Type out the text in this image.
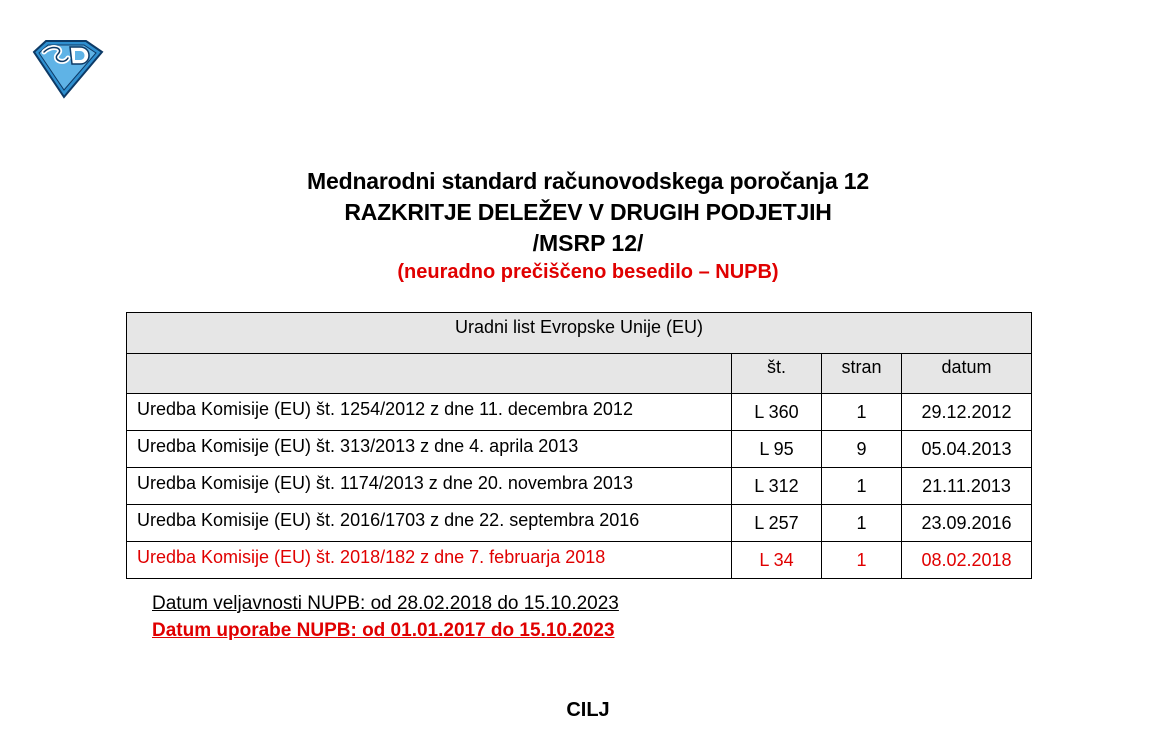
Mednarodni standard računovodskega poročanja 12
RAZKRITJE DELEŽEV V DRUGIH PODJETJIH
/MSRP 12/
(neuradno prečiščeno besedilo – NUPB)
Uradni list Evropske Unije (EU)			
	št.	stran	datum
Uredba Komisije (EU) št. 1254/2012 z dne 11. decembra 2012	L 360	1	29.12.2012
Uredba Komisije (EU) št. 313/2013 z dne 4. aprila 2013	L 95	9	05.04.2013
Uredba Komisije (EU) št. 1174/2013 z dne 20. novembra 2013	L 312	1	21.11.2013
Uredba Komisije (EU) št. 2016/1703 z dne 22. septembra 2016	L 257	1	23.09.2016
Uredba Komisije (EU) št. 2018/182 z dne 7. februarja 2018	L 34	1	08.02.2018
Datum veljavnosti NUPB: od 28.02.2018 do 15.10.2023
Datum uporabe NUPB: od 01.01.2017 do 15.10.2023
CILJ
